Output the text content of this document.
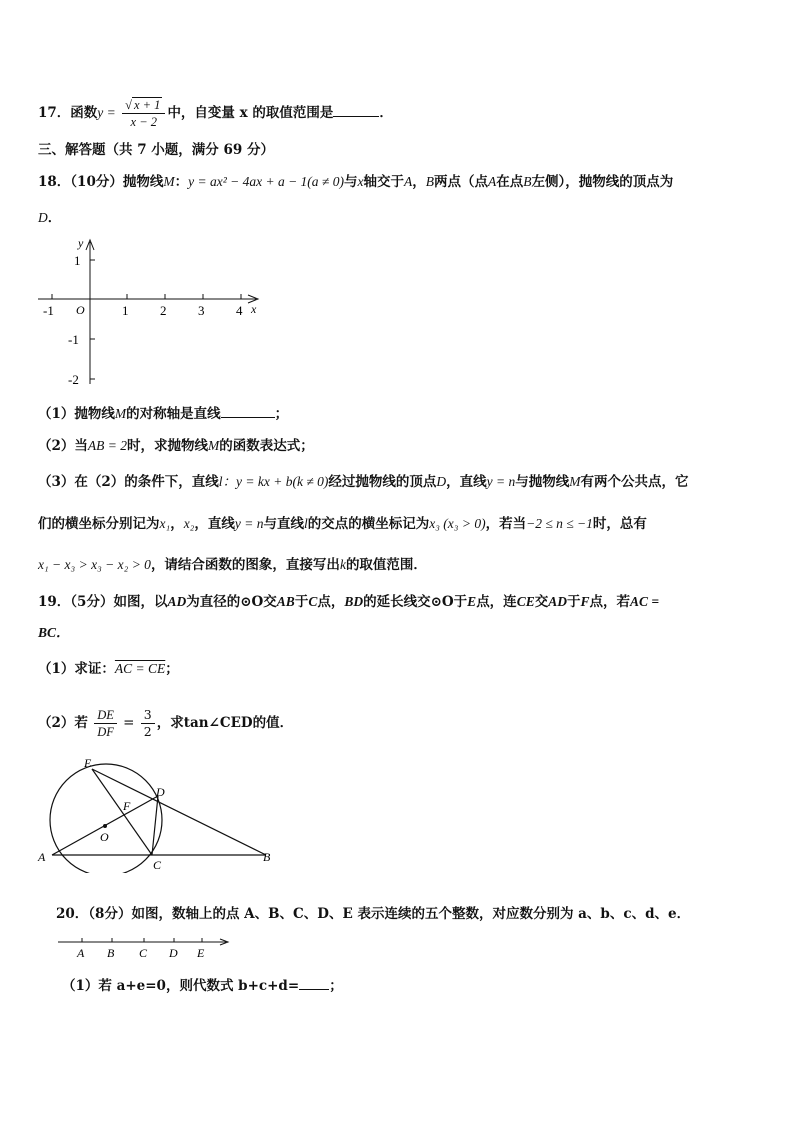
17．函数$y = \frac{√ x + 1}{x - 2}$ 中，自变量 x 的取值范围是	．
三、解答题（共 7 小题，满分 69 分）
18．（10分）抛物线M：y = ax² − 4ax + a − 1(a ≠ 0)与x轴交于A，B两点（点A在点B左侧），抛物线的顶点为
D．
y
x
O
-1	1 2 3 4
1
-1
-2
（1）抛物线M的对称轴是直线	；
（2）当AB = 2时，求抛物线M的函数表达式；
（3）在（2）的条件下，直线l：y = kx + b(k ≠ 0)经过抛物线的顶点D，直线y = n与抛物线M有两个公共点，它
们的横坐标分别记为x₁，x₂，直线y = n与直线l的交点的横坐标记为x₃ (x₃ > 0)，若当−2 ≤ n ≤ −1时，总有
x₁ − x₃ > x₃ − x₂ > 0，请结合函数的图象，直接写出k的取值范围．
19．（5分）如图，以AD为直径的⊙O交AB于C点，BD的延长线交⊙O于E点，连CE交AD于F点，若AC =
BC．
（1）求证：AC = CE；
（2）若 $\frac{DE}{DF} = \frac{3}{2}$ ，求tan∠CED的值．
E
D
F
O
A
C
B
20．（8分）如图，数轴上的点 A、B、C、D、E 表示连续的五个整数，对应数分别为 a、b、c、d、e．
A B C D E
（1）若 a+e=0，则代数式 b+c+d= ；
